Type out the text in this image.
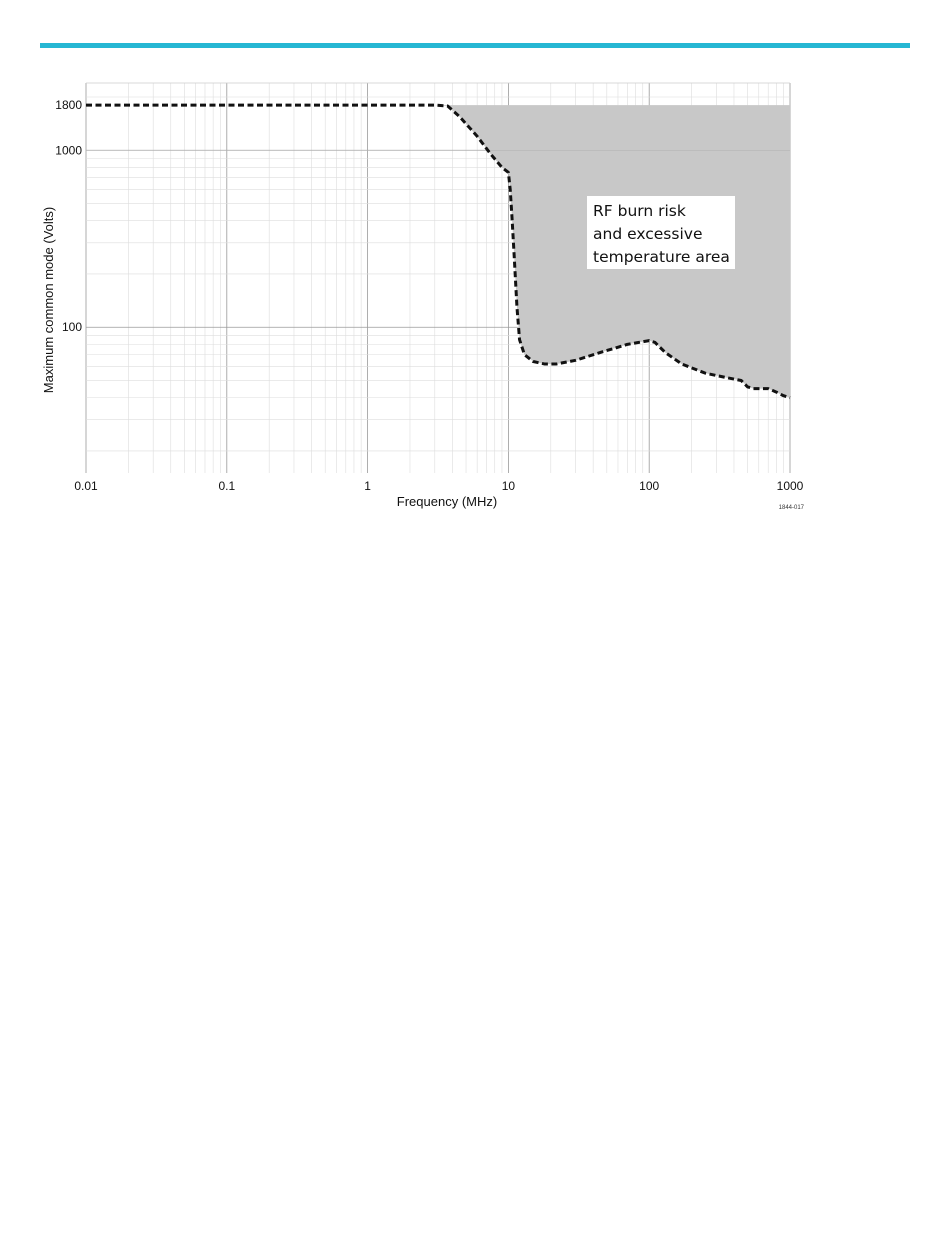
0.01	0.1	1	10	100	1000
100
1000
1800
Frequency (MHz)
Maximum common mode (Volts)
1844-017
RF burn risk
and excessive
temperature area
